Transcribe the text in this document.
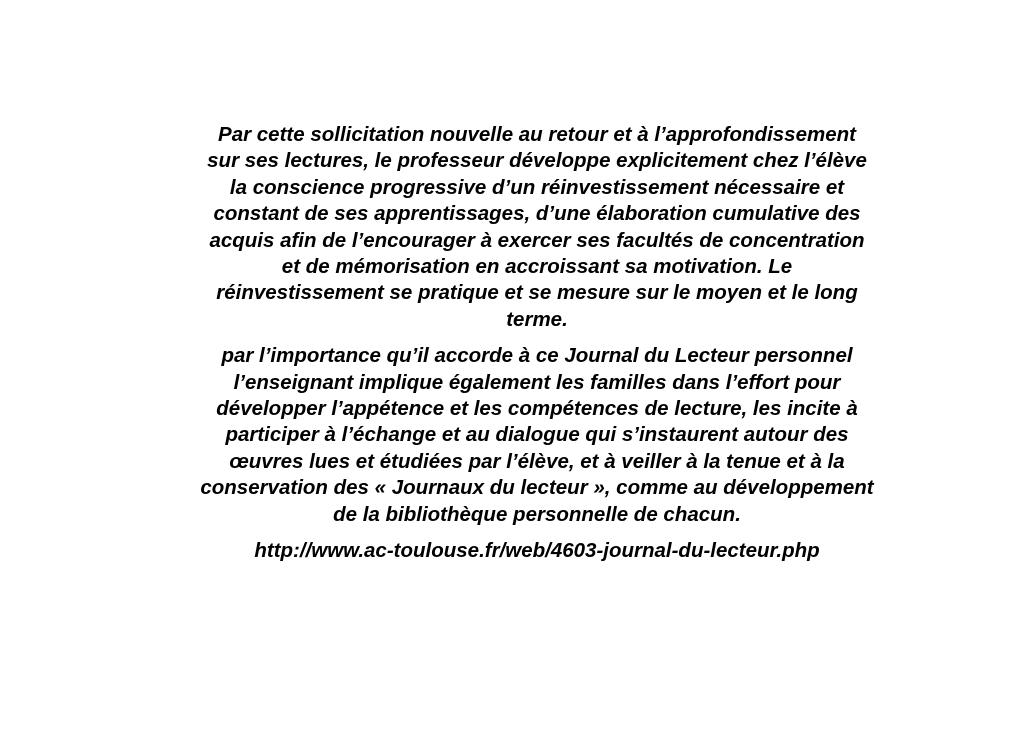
Par cette sollicitation nouvelle au retour et à l’approfondissement sur ses lectures, le professeur développe explicitement chez l’élève la conscience progressive d’un réinvestissement nécessaire et constant de ses apprentissages, d’une élaboration cumulative des acquis afin de l’encourager à exercer ses facultés de concentration et de mémorisation en accroissant sa motivation. Le réinvestissement se pratique et se mesure sur le moyen et le long terme.

par l’importance qu’il accorde à ce Journal du Lecteur personnel l’enseignant implique également les familles dans l’effort pour développer l’appétence et les compétences de lecture, les incite à participer à l’échange et au dialogue qui s’instaurent autour des œuvres lues et étudiées par l’élève, et à veiller à la tenue et à la conservation des « Journaux du lecteur », comme au développement de la bibliothèque personnelle de chacun.

http://www.ac-toulouse.fr/web/4603-journal-du-lecteur.php
